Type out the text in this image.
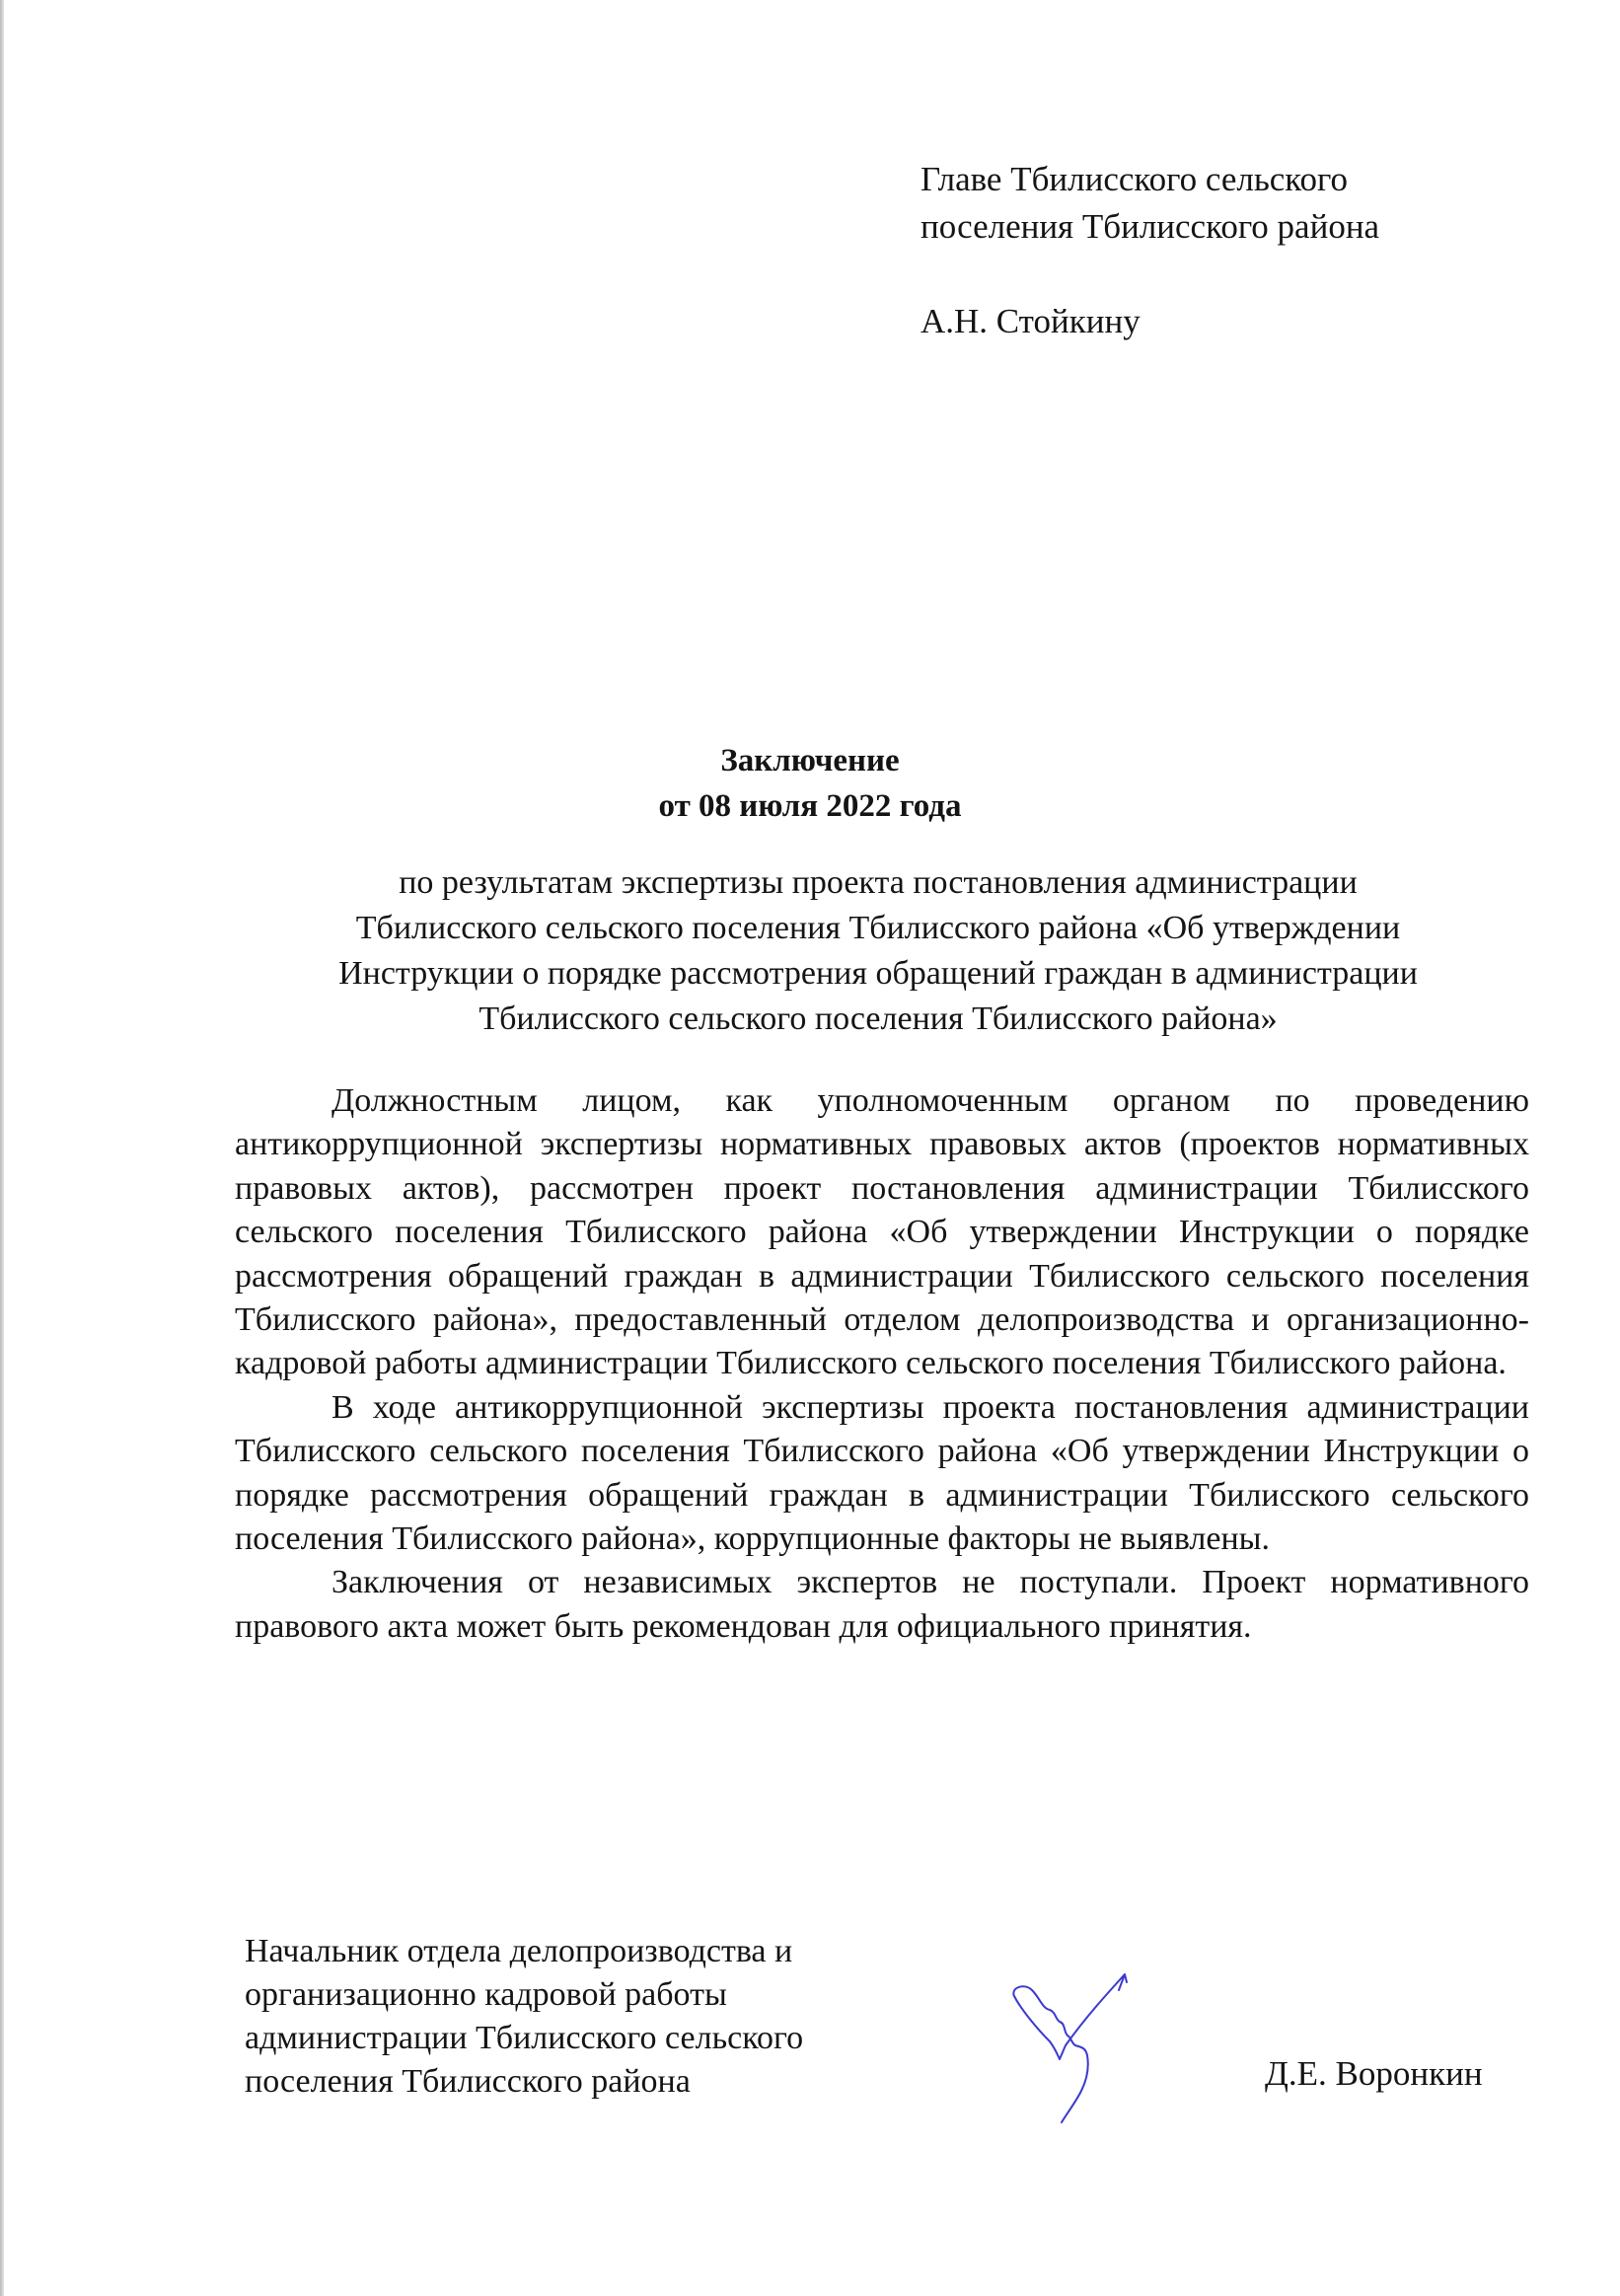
Главе Тбилисского сельского
поселения Тбилисского района
А.Н. Стойкину
Заключение
от 08 июля 2022 года
по результатам экспертизы проекта постановления администрации
Тбилисского сельского поселения Тбилисского района «Об утверждении
Инструкции о порядке рассмотрения обращений граждан в администрации
Тбилисского сельского поселения Тбилисского района»

Должностным лицом, как уполномоченным органом по проведению антикоррупционной экспертизы нормативных правовых актов (проектов нормативных правовых актов), рассмотрен проект постановления администрации Тбилисского сельского поселения Тбилисского района «Об утверждении Инструкции о порядке рассмотрения обращений граждан в администрации Тбилисского сельского поселения Тбилисского района», предоставленный отделом делопроизводства и организационно-кадровой работы администрации Тбилисского сельского поселения Тбилисского района.

В ходе антикоррупционной экспертизы проекта постановления администрации Тбилисского сельского поселения Тбилисского района «Об утверждении Инструкции о порядке рассмотрения обращений граждан в администрации Тбилисского сельского поселения Тбилисского района», коррупционные факторы не выявлены.

Заключения от независимых экспертов не поступали. Проект нормативного правового акта может быть рекомендован для официального принятия.

Начальник отдела делопроизводства и
организационно кадровой работы
администрации Тбилисского сельского
поселения Тбилисского района	Д.Е. Воронкин
